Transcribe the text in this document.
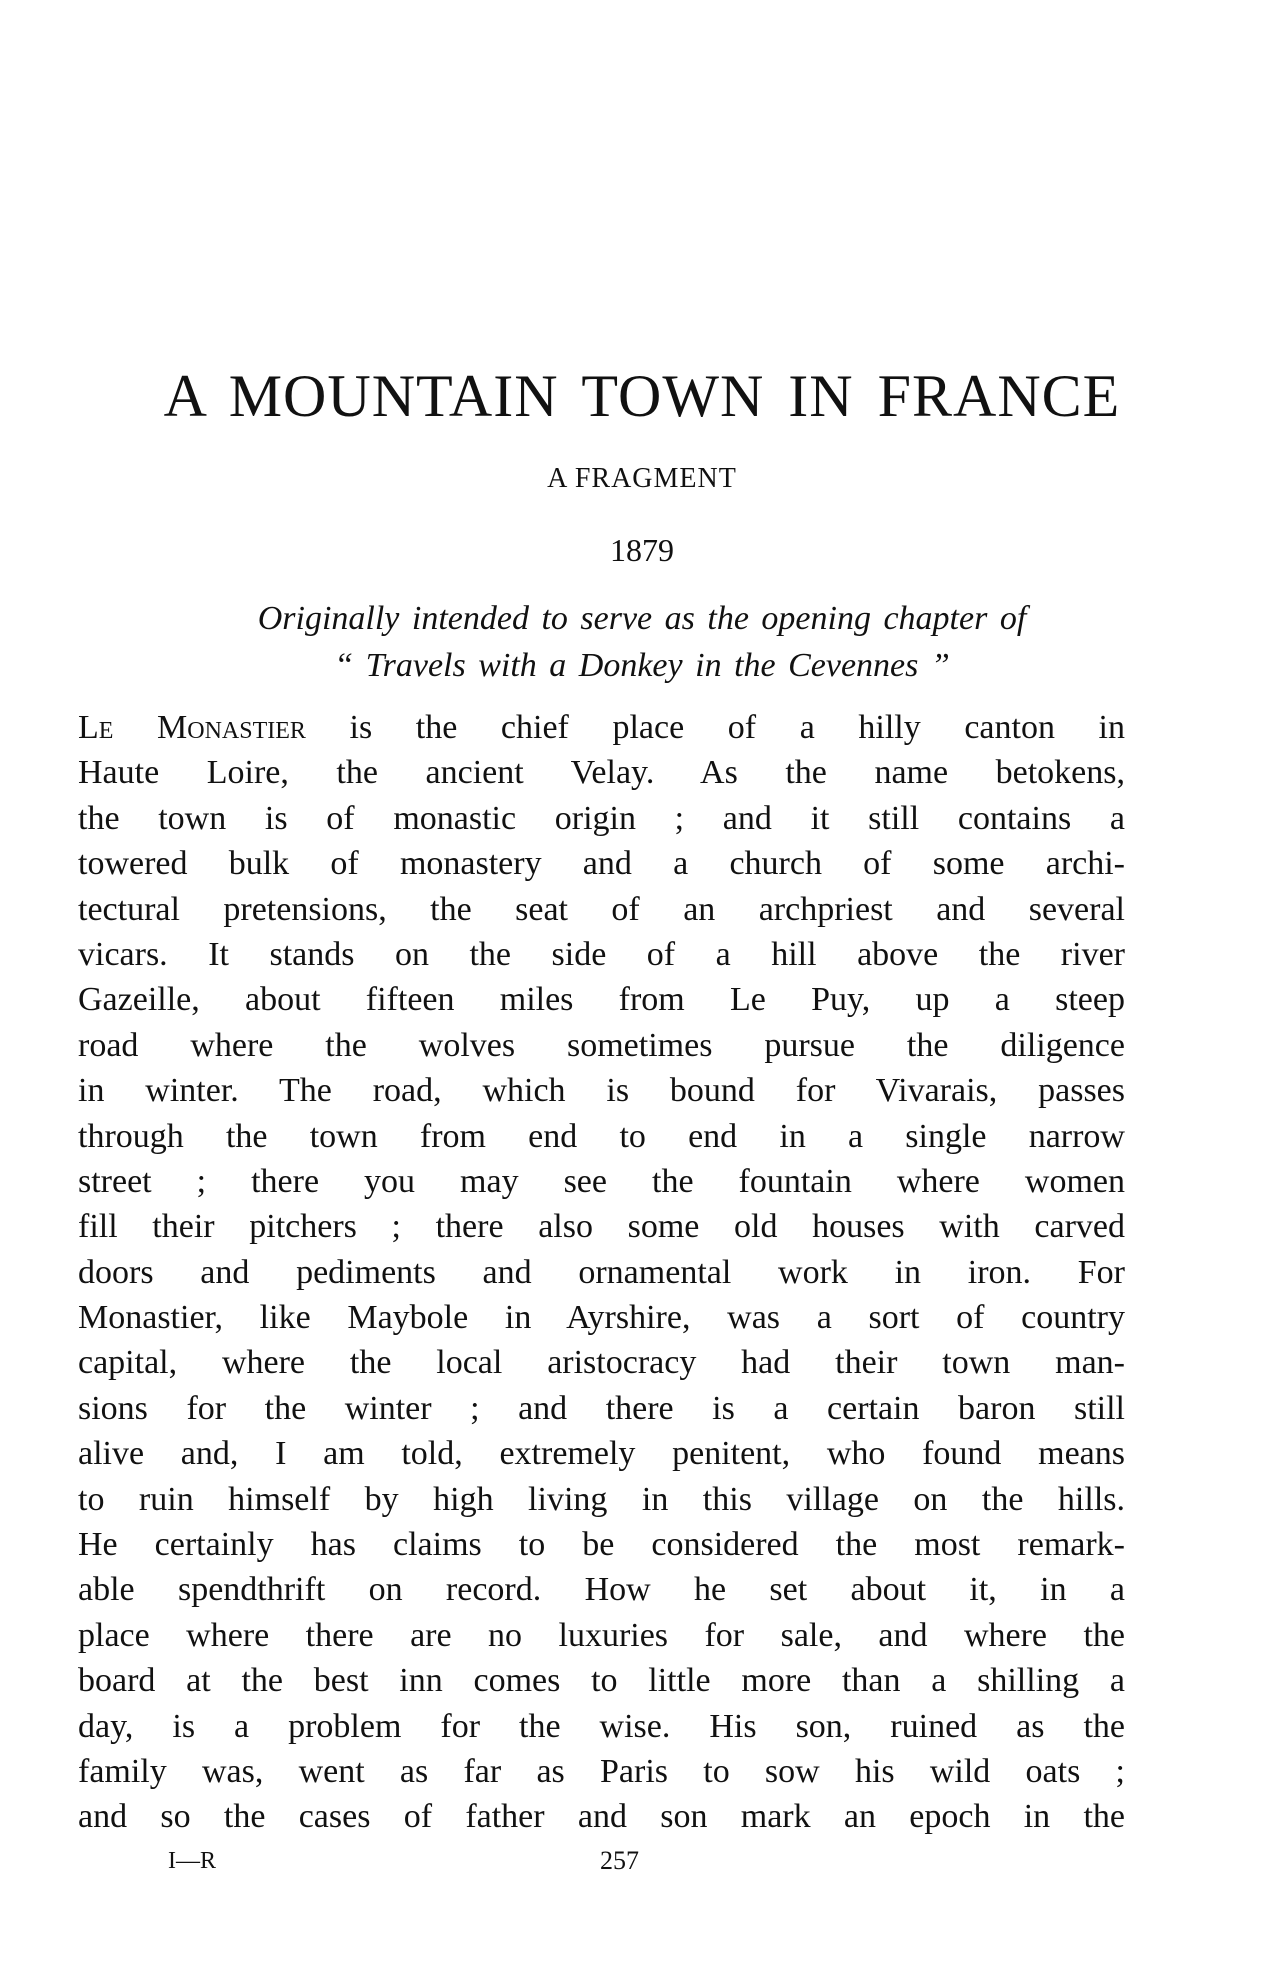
A MOUNTAIN TOWN IN FRANCE
A FRAGMENT
1879
Originally intended to serve as the opening chapter of
“ Travels with a Donkey in the Cevennes ”
Le Monastier is the chief place of a hilly canton in
Haute Loire, the ancient Velay. As the name betokens,
the town is of monastic origin ; and it still contains a
towered bulk of monastery and a church of some archi-
tectural pretensions, the seat of an archpriest and several
vicars. It stands on the side of a hill above the river
Gazeille, about fifteen miles from Le Puy, up a steep
road where the wolves sometimes pursue the diligence
in winter. The road, which is bound for Vivarais, passes
through the town from end to end in a single narrow
street ; there you may see the fountain where women
fill their pitchers ; there also some old houses with carved
doors and pediments and ornamental work in iron. For
Monastier, like Maybole in Ayrshire, was a sort of country
capital, where the local aristocracy had their town man-
sions for the winter ; and there is a certain baron still
alive and, I am told, extremely penitent, who found means
to ruin himself by high living in this village on the hills.
He certainly has claims to be considered the most remark-
able spendthrift on record. How he set about it, in a
place where there are no luxuries for sale, and where the
board at the best inn comes to little more than a shilling a
day, is a problem for the wise. His son, ruined as the
family was, went as far as Paris to sow his wild oats ;
and so the cases of father and son mark an epoch in the
I—R	257
